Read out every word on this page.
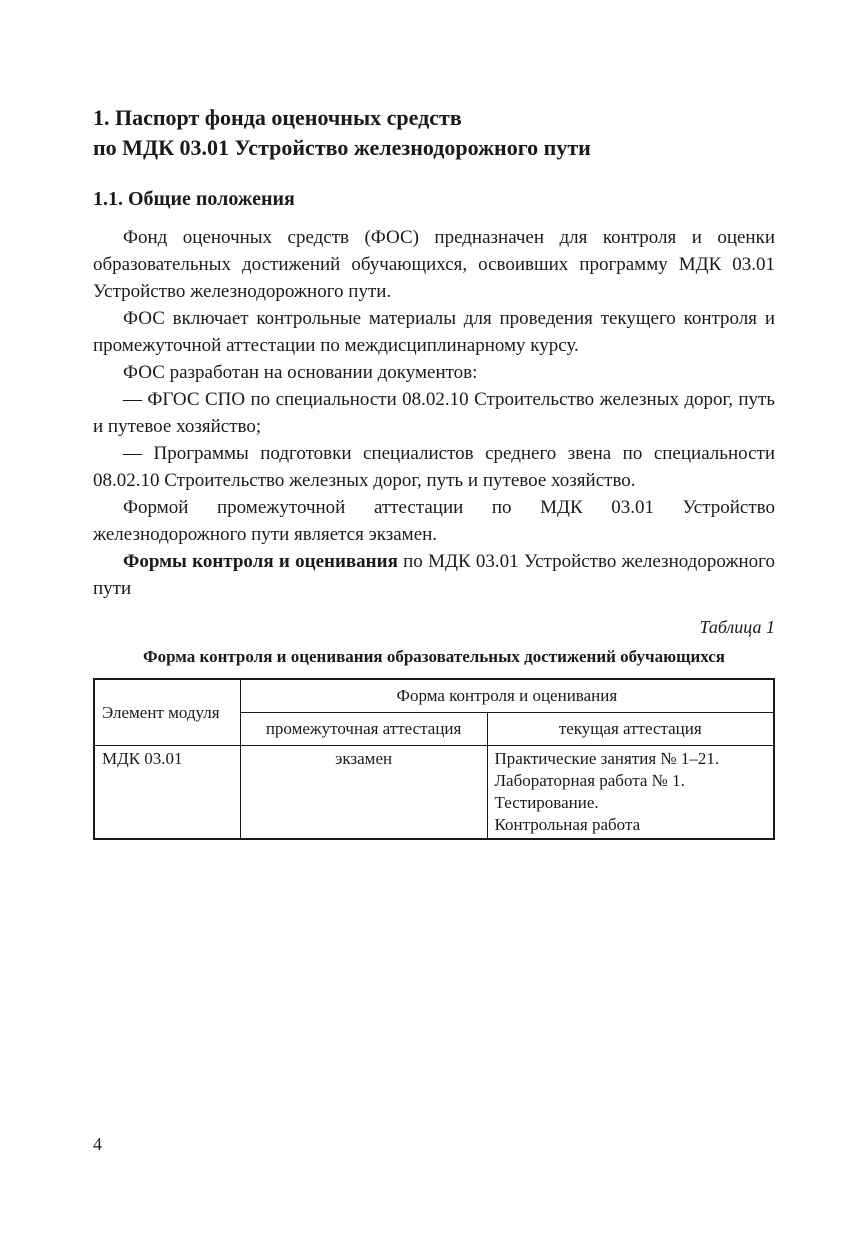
1. Паспорт фонда оценочных средств
по МДК 03.01 Устройство железнодорожного пути
1.1. Общие положения

Фонд оценочных средств (ФОС) предназначен для контроля и оценки образовательных достижений обучающихся, освоивших программу МДК 03.01 Устройство железнодорожного пути.

ФОС включает контрольные материалы для проведения текущего контроля и промежуточной аттестации по междисциплинарному курсу.

ФОС разработан на основании документов:

— ФГОС СПО по специальности 08.02.10 Строительство железных дорог, путь и путевое хозяйство;

— Программы подготовки специалистов среднего звена по специальности 08.02.10 Строительство железных дорог, путь и путевое хозяйство.

Формой промежуточной аттестации по МДК 03.01 Устройство железнодорожного пути является экзамен.

Формы контроля и оценивания по МДК 03.01 Устройство железнодорожного пути

Таблица 1
Форма контроля и оценивания образовательных достижений обучающихся
Элемент модуля	Форма контроля и оценивания	
	промежуточная аттестация	текущая аттестация
МДК 03.01	экзамен	Практические занятия № 1–21.
Лабораторная работа № 1.
Тестирование.
Контрольная работа
4
